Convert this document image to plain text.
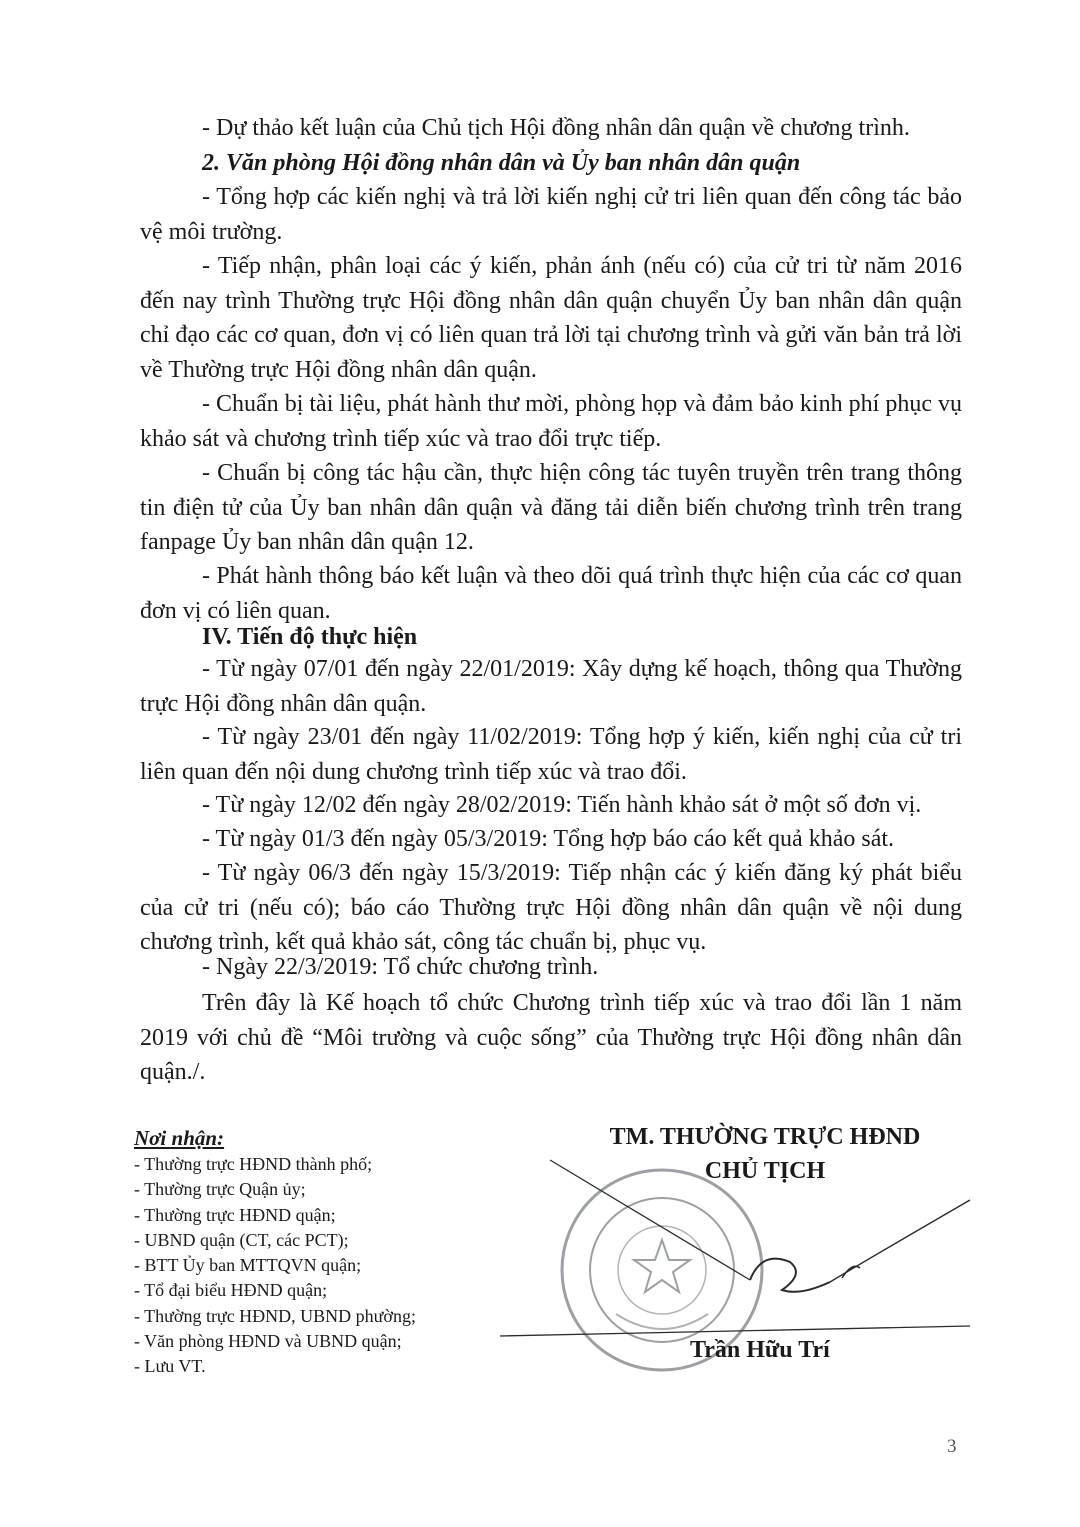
- Dự thảo kết luận của Chủ tịch Hội đồng nhân dân quận về chương trình.

2. Văn phòng Hội đồng nhân dân và Ủy ban nhân dân quận

- Tổng hợp các kiến nghị và trả lời kiến nghị cử tri liên quan đến công tác bảo vệ môi trường.

- Tiếp nhận, phân loại các ý kiến, phản ánh (nếu có) của cử tri từ năm 2016 đến nay trình Thường trực Hội đồng nhân dân quận chuyển Ủy ban nhân dân quận chỉ đạo các cơ quan, đơn vị có liên quan trả lời tại chương trình và gửi văn bản trả lời về Thường trực Hội đồng nhân dân quận.

- Chuẩn bị tài liệu, phát hành thư mời, phòng họp và đảm bảo kinh phí phục vụ khảo sát và chương trình tiếp xúc và trao đổi trực tiếp.

- Chuẩn bị công tác hậu cần, thực hiện công tác tuyên truyền trên trang thông tin điện tử của Ủy ban nhân dân quận và đăng tải diễn biến chương trình trên trang fanpage Ủy ban nhân dân quận 12.

- Phát hành thông báo kết luận và theo dõi quá trình thực hiện của các cơ quan đơn vị có liên quan.

IV. Tiến độ thực hiện

- Từ ngày 07/01 đến ngày 22/01/2019: Xây dựng kế hoạch, thông qua Thường trực Hội đồng nhân dân quận.

- Từ ngày 23/01 đến ngày 11/02/2019: Tổng hợp ý kiến, kiến nghị của cử tri liên quan đến nội dung chương trình tiếp xúc và trao đổi.

- Từ ngày 12/02 đến ngày 28/02/2019: Tiến hành khảo sát ở một số đơn vị.

- Từ ngày 01/3 đến ngày 05/3/2019: Tổng hợp báo cáo kết quả khảo sát.

- Từ ngày 06/3 đến ngày 15/3/2019: Tiếp nhận các ý kiến đăng ký phát biểu của cử tri (nếu có); báo cáo Thường trực Hội đồng nhân dân quận về nội dung chương trình, kết quả khảo sát, công tác chuẩn bị, phục vụ.

- Ngày 22/3/2019: Tổ chức chương trình.

Trên đây là Kế hoạch tổ chức Chương trình tiếp xúc và trao đổi lần 1 năm 2019 với chủ đề “Môi trường và cuộc sống” của Thường trực Hội đồng nhân dân quận./.

Nơi nhận:

- Thường trực HĐND thành phố;
- Thường trực Quận ủy;
- Thường trực HĐND quận;
- UBND quận (CT, các PCT);
- BTT Ủy ban MTTQVN quận;
- Tổ đại biểu HĐND quận;
- Thường trực HĐND, UBND phường;
- Văn phòng HĐND và UBND quận;
- Lưu VT.

TM. THƯỜNG TRỰC HĐND

CHỦ TỊCH

Trần Hữu Trí

3
